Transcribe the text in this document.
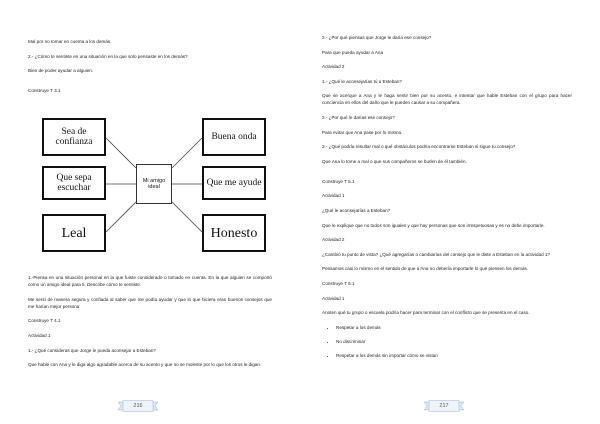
Mal por no tomar en cuenta a los demás.

2.- ¿Cómo te sentiste en una situación en la que solo pensaste en los demás?

Bien de poder ayudar a alguien.

Construye T 3.1

Sea de confianza
Buena onda
Que sepa escuchar
Mi amigo ideal	Que me ayude
Leal	Honesto

1.-Piensa en una situación personal en la que fuiste considerado o tomado en cuenta. En la que alguien se comportó como un amigo ideal para ti. Describe cómo te sentiste.

Me sentí de manera segura y confiada al saber que me podía ayudar y que lo que hiciera eran buenos consejos que me harían mejor persona

Construye T 4.1

Actividad 1

1.- ¿Qué consideras que Jorge le pueda aconsejar a Esteban?

Que hable con Ana y le diga algo agradable acerca de su acento y que no se moleste por lo que los otros le digan.

216

2.- ¿Por qué piensas que Jorge le daría ese consejo?

Para que pueda ayudar a Ana

Actividad 2

1.- ¿Qué le aconsejarías tú a Esteban?

Que se acerque a Ana y le haga sentir bien por su acento, e intentar que hable Esteban con el grupo para hacer conciencia en ellos del daño que le pueden causar a su compañera.

2.- ¿Por qué le darías ese consejo?

Para evitar que Ana pase por lo mismo.

3.- ¿Qué podría resultar mal o qué obstáculos podría encontrarse Esteban si sigue tu consejo?

Que Ana lo tome a mal o que sus compañeros se burlen de él también.

Construye T 5.1

Actividad 1

¿Qué le aconsejarías a Esteban?

Que le explique que no todos son iguales y que hay personas que son irrespetuosas y es no debe importarle.

Actividad 2

¿Cambió tu punto de vista? ¿Qué agregarías o cambiarías del consejo que le diste a Esteban en la actividad 1?

Pensamos casi lo mismo en el sentido de que a Ana no debería importarle lo que piensen los demás.

Construye T 6.1

Actividad 1

Anoten qué tu grupo o escuela podría hacer para terminar con el conflicto que se presenta en el caso.

• Respetar a los demás
• No discriminar
• Respetar a los demás sin importar cómo se vistan
217
